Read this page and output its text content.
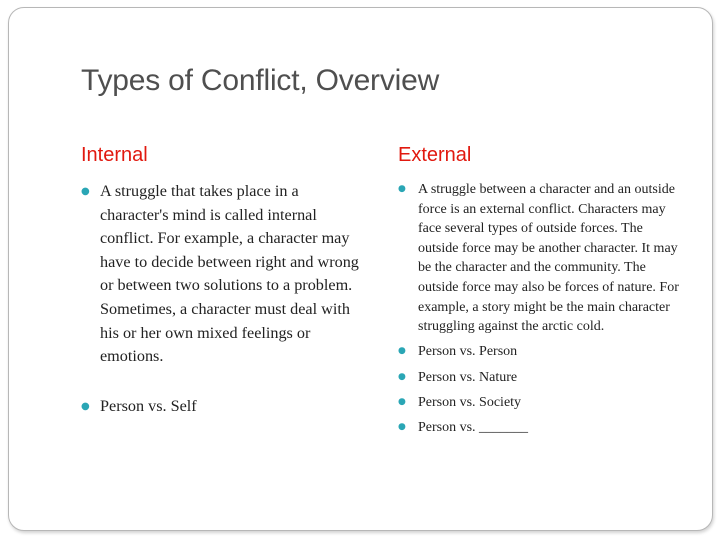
Types of Conflict, Overview
Internal	External
● A struggle that takes place in a character's mind is called internal conflict. For example, a character may have to decide between right and wrong or between two solutions to a problem. Sometimes, a character must deal with his or her own mixed feelings or emotions.
● Person vs. Self
● A struggle between a character and an outside force is an external conflict. Characters may face several types of outside forces. The outside force may be another character. It may be the character and the community. The outside force may also be forces of nature. For example, a story might be the main character struggling against the arctic cold.
● Person vs. Person
● Person vs. Nature
● Person vs. Society
● Person vs. _______
